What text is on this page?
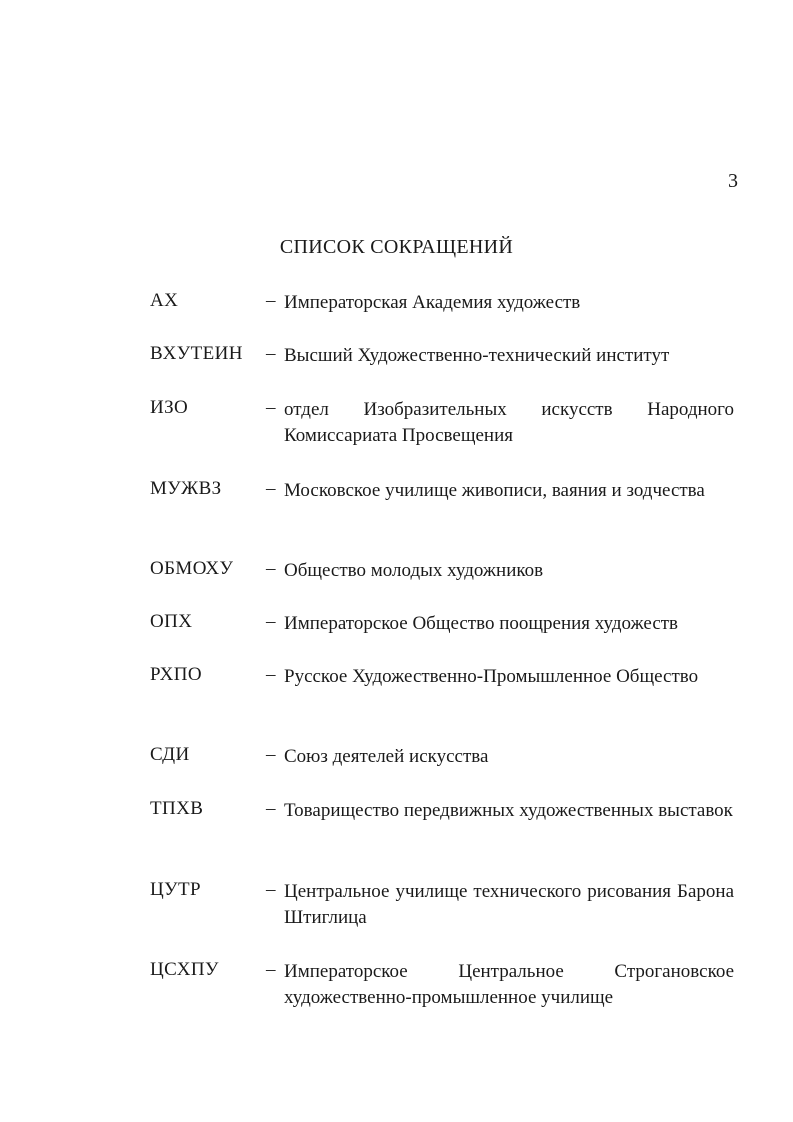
3
СПИСОК СОКРАЩЕНИЙ
АХ	– Императорская Академия художеств
ВХУТЕИН – Высший Художественно-технический институт
ИЗО	– отдел Изобразительных искусств Народного Комиссариата Просвещения
МУЖВЗ – Московское училище живописи, ваяния и зодчества
ОБМОХУ – Общество молодых художников
ОПХ	– Императорское Общество поощрения художеств
РХПО	– Русское Художественно-Промышленное Общество
СДИ	– Союз деятелей искусства
ТПХВ	– Товарищество передвижных художественных выставок
ЦУТР	– Центральное училище технического рисования Барона Штиглица
ЦСХПУ – Императорское Центральное Строгановское художественно-промышленное училище
